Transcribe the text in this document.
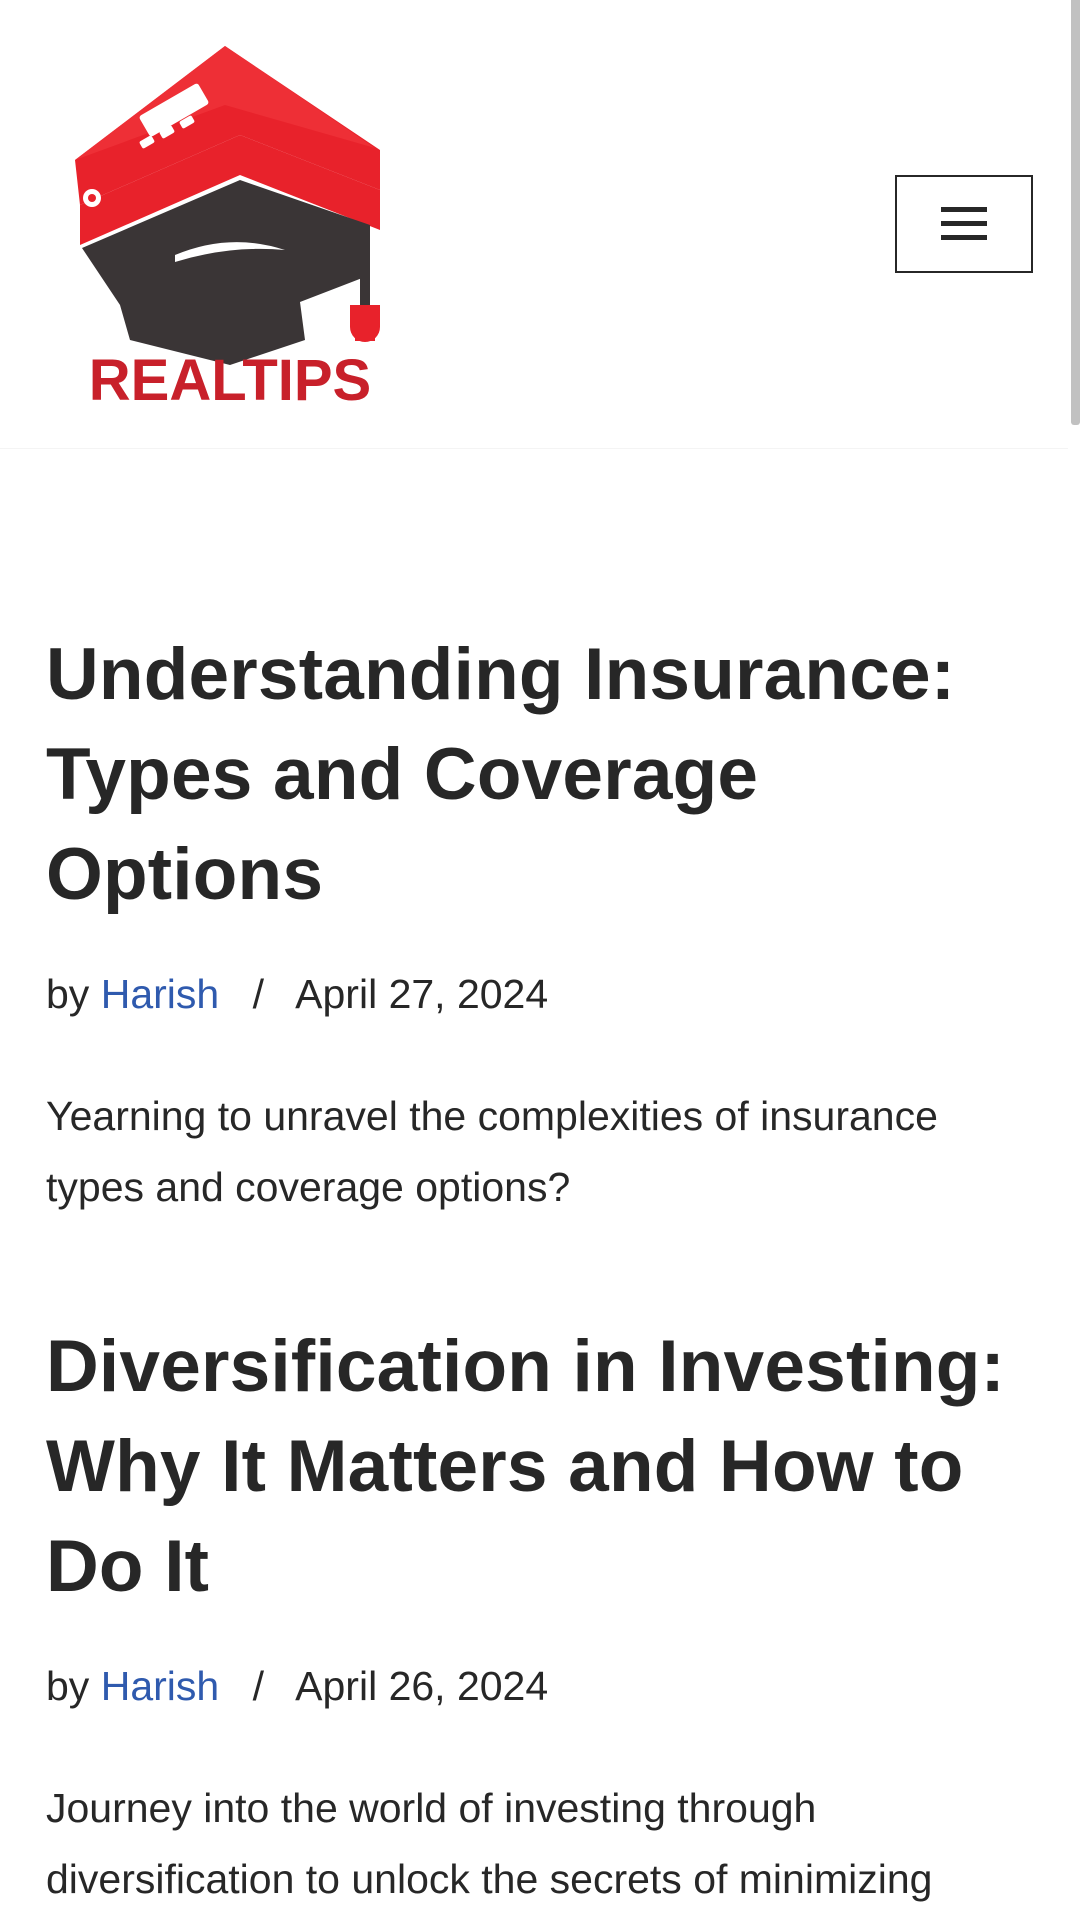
REALTIPS
Understanding Insurance: Types and Coverage Options
by Harish / April 27, 2024

Yearning to unravel the complexities of insurance types and coverage options?

Diversification in Investing: Why It Matters and How to Do It
by Harish / April 26, 2024

Journey into the world of investing through diversification to unlock the secrets of minimizing
